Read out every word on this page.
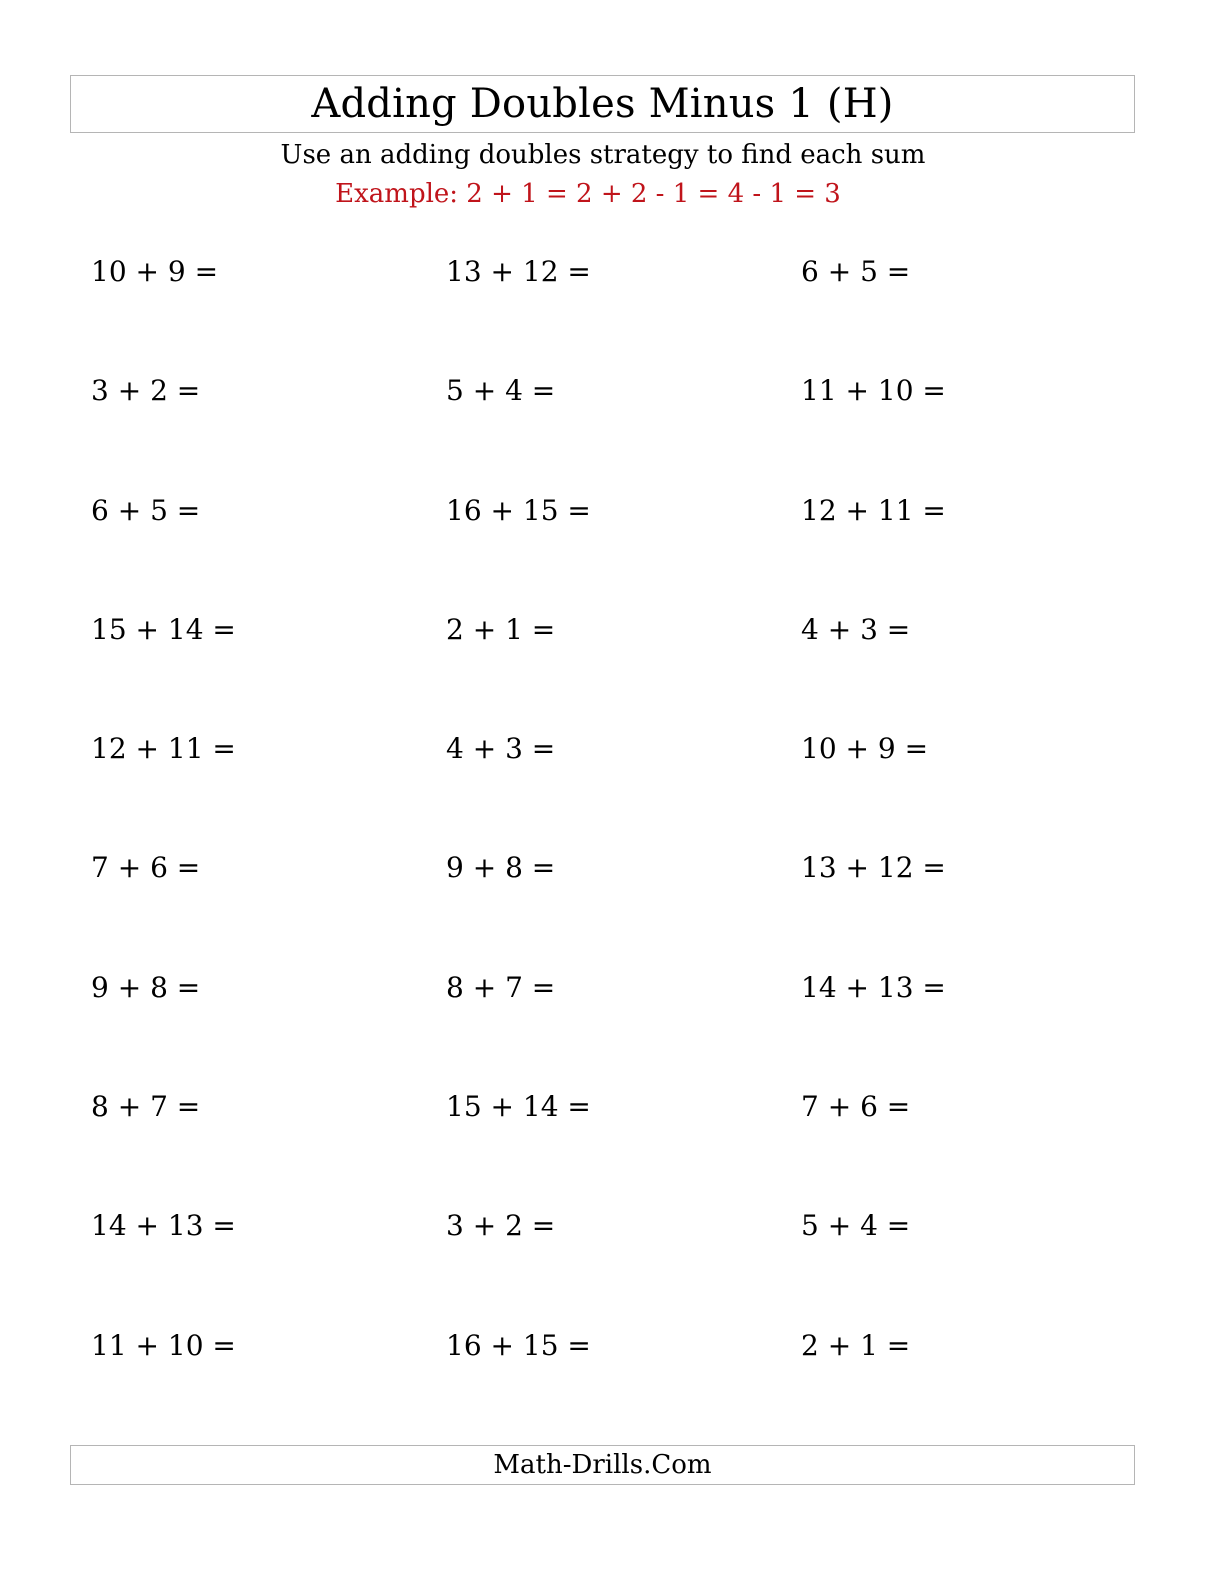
Adding Doubles Minus 1 (H)
Use an adding doubles strategy to find each sum
Example: 2 + 1 = 2 + 2 - 1 = 4 - 1 = 3
10 + 9 =	13 + 12 =	6 + 5 =
3 + 2 =	5 + 4 =	11 + 10 =
6 + 5 =	16 + 15 =	12 + 11 =
15 + 14 =	2 + 1 =	4 + 3 =
12 + 11 =	4 + 3 =	10 + 9 =
7 + 6 =	9 + 8 =	13 + 12 =
9 + 8 =	8 + 7 =	14 + 13 =
8 + 7 =	15 + 14 =	7 + 6 =
14 + 13 =	3 + 2 =	5 + 4 =
11 + 10 =	16 + 15 =	2 + 1 =
Math-Drills.Com
